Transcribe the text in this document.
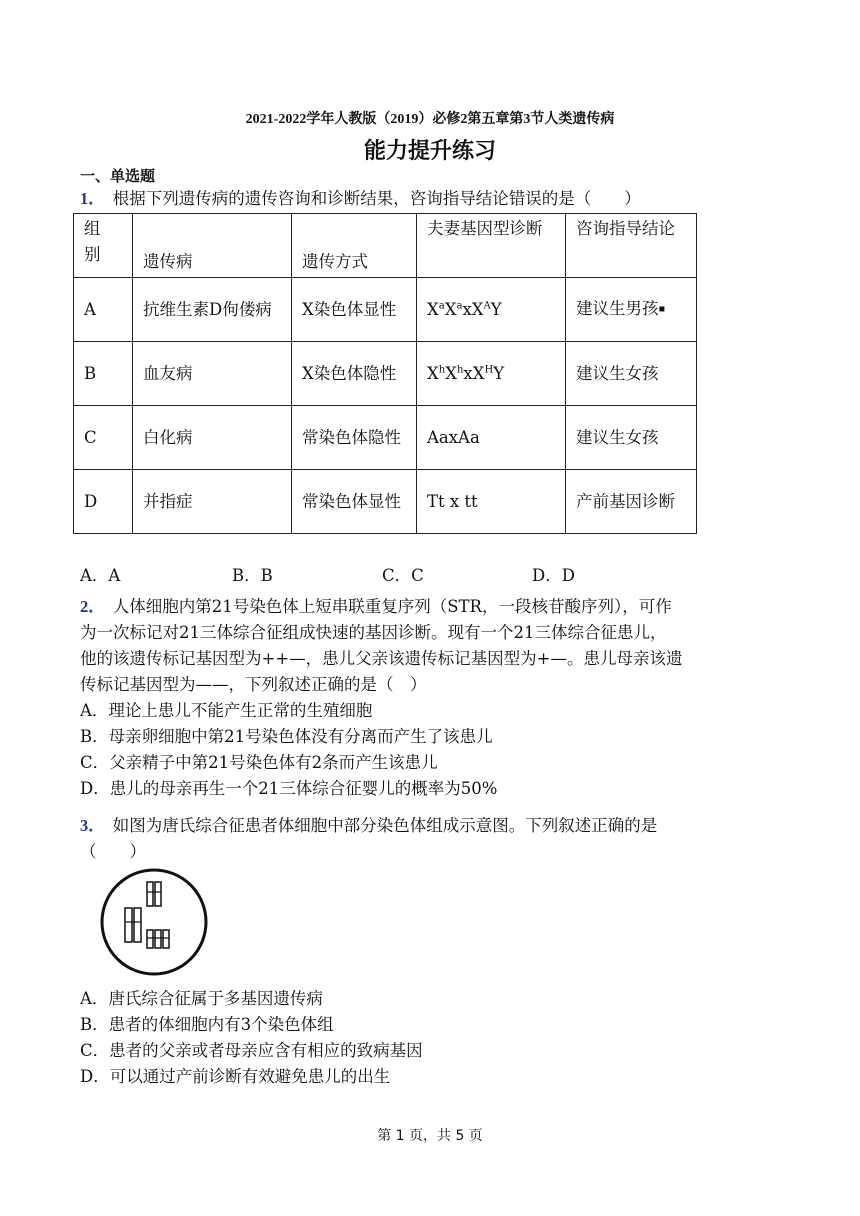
2021-2022学年人教版（2019）必修2第五章第3节人类遗传病
能力提升练习
一、单选题
1． 根据下列遗传病的遗传咨询和诊断结果，咨询指导结论错误的是（　　）
组别	遗传病	遗传方式	夫妻基因型诊断	咨询指导结论
A	抗维生素D佝偻病	X染色体显性	$X^aX^axX^AY$	建议生男孩▪
B	血友病	X染色体隐性	$X^hX^hxX^HY$	建议生女孩
C	白化病	常染色体隐性	AaxAa	建议生女孩
D	并指症	常染色体显性	Tt x tt	产前基因诊断
A．A	B．B	C．C	D．D
2． 人体细胞内第21号染色体上短串联重复序列（STR，一段核苷酸序列），可作
为一次标记对21三体综合征组成快速的基因诊断。现有一个21三体综合征患儿，
他的该遗传标记基因型为++—，患儿父亲该遗传标记基因型为+—。患儿母亲该遗
传标记基因型为——，下列叙述正确的是（　）
A．理论上患儿不能产生正常的生殖细胞
B．母亲卵细胞中第21号染色体没有分离而产生了该患儿
C．父亲精子中第21号染色体有2条而产生该患儿
D．患儿的母亲再生一个21三体综合征婴儿的概率为50%
3． 如图为唐氏综合征患者体细胞中部分染色体组成示意图。下列叙述正确的是
（　　）
A．唐氏综合征属于多基因遗传病
B．患者的体细胞内有3个染色体组
C．患者的父亲或者母亲应含有相应的致病基因
D．可以通过产前诊断有效避免患儿的出生
第 1 页，共 5 页
